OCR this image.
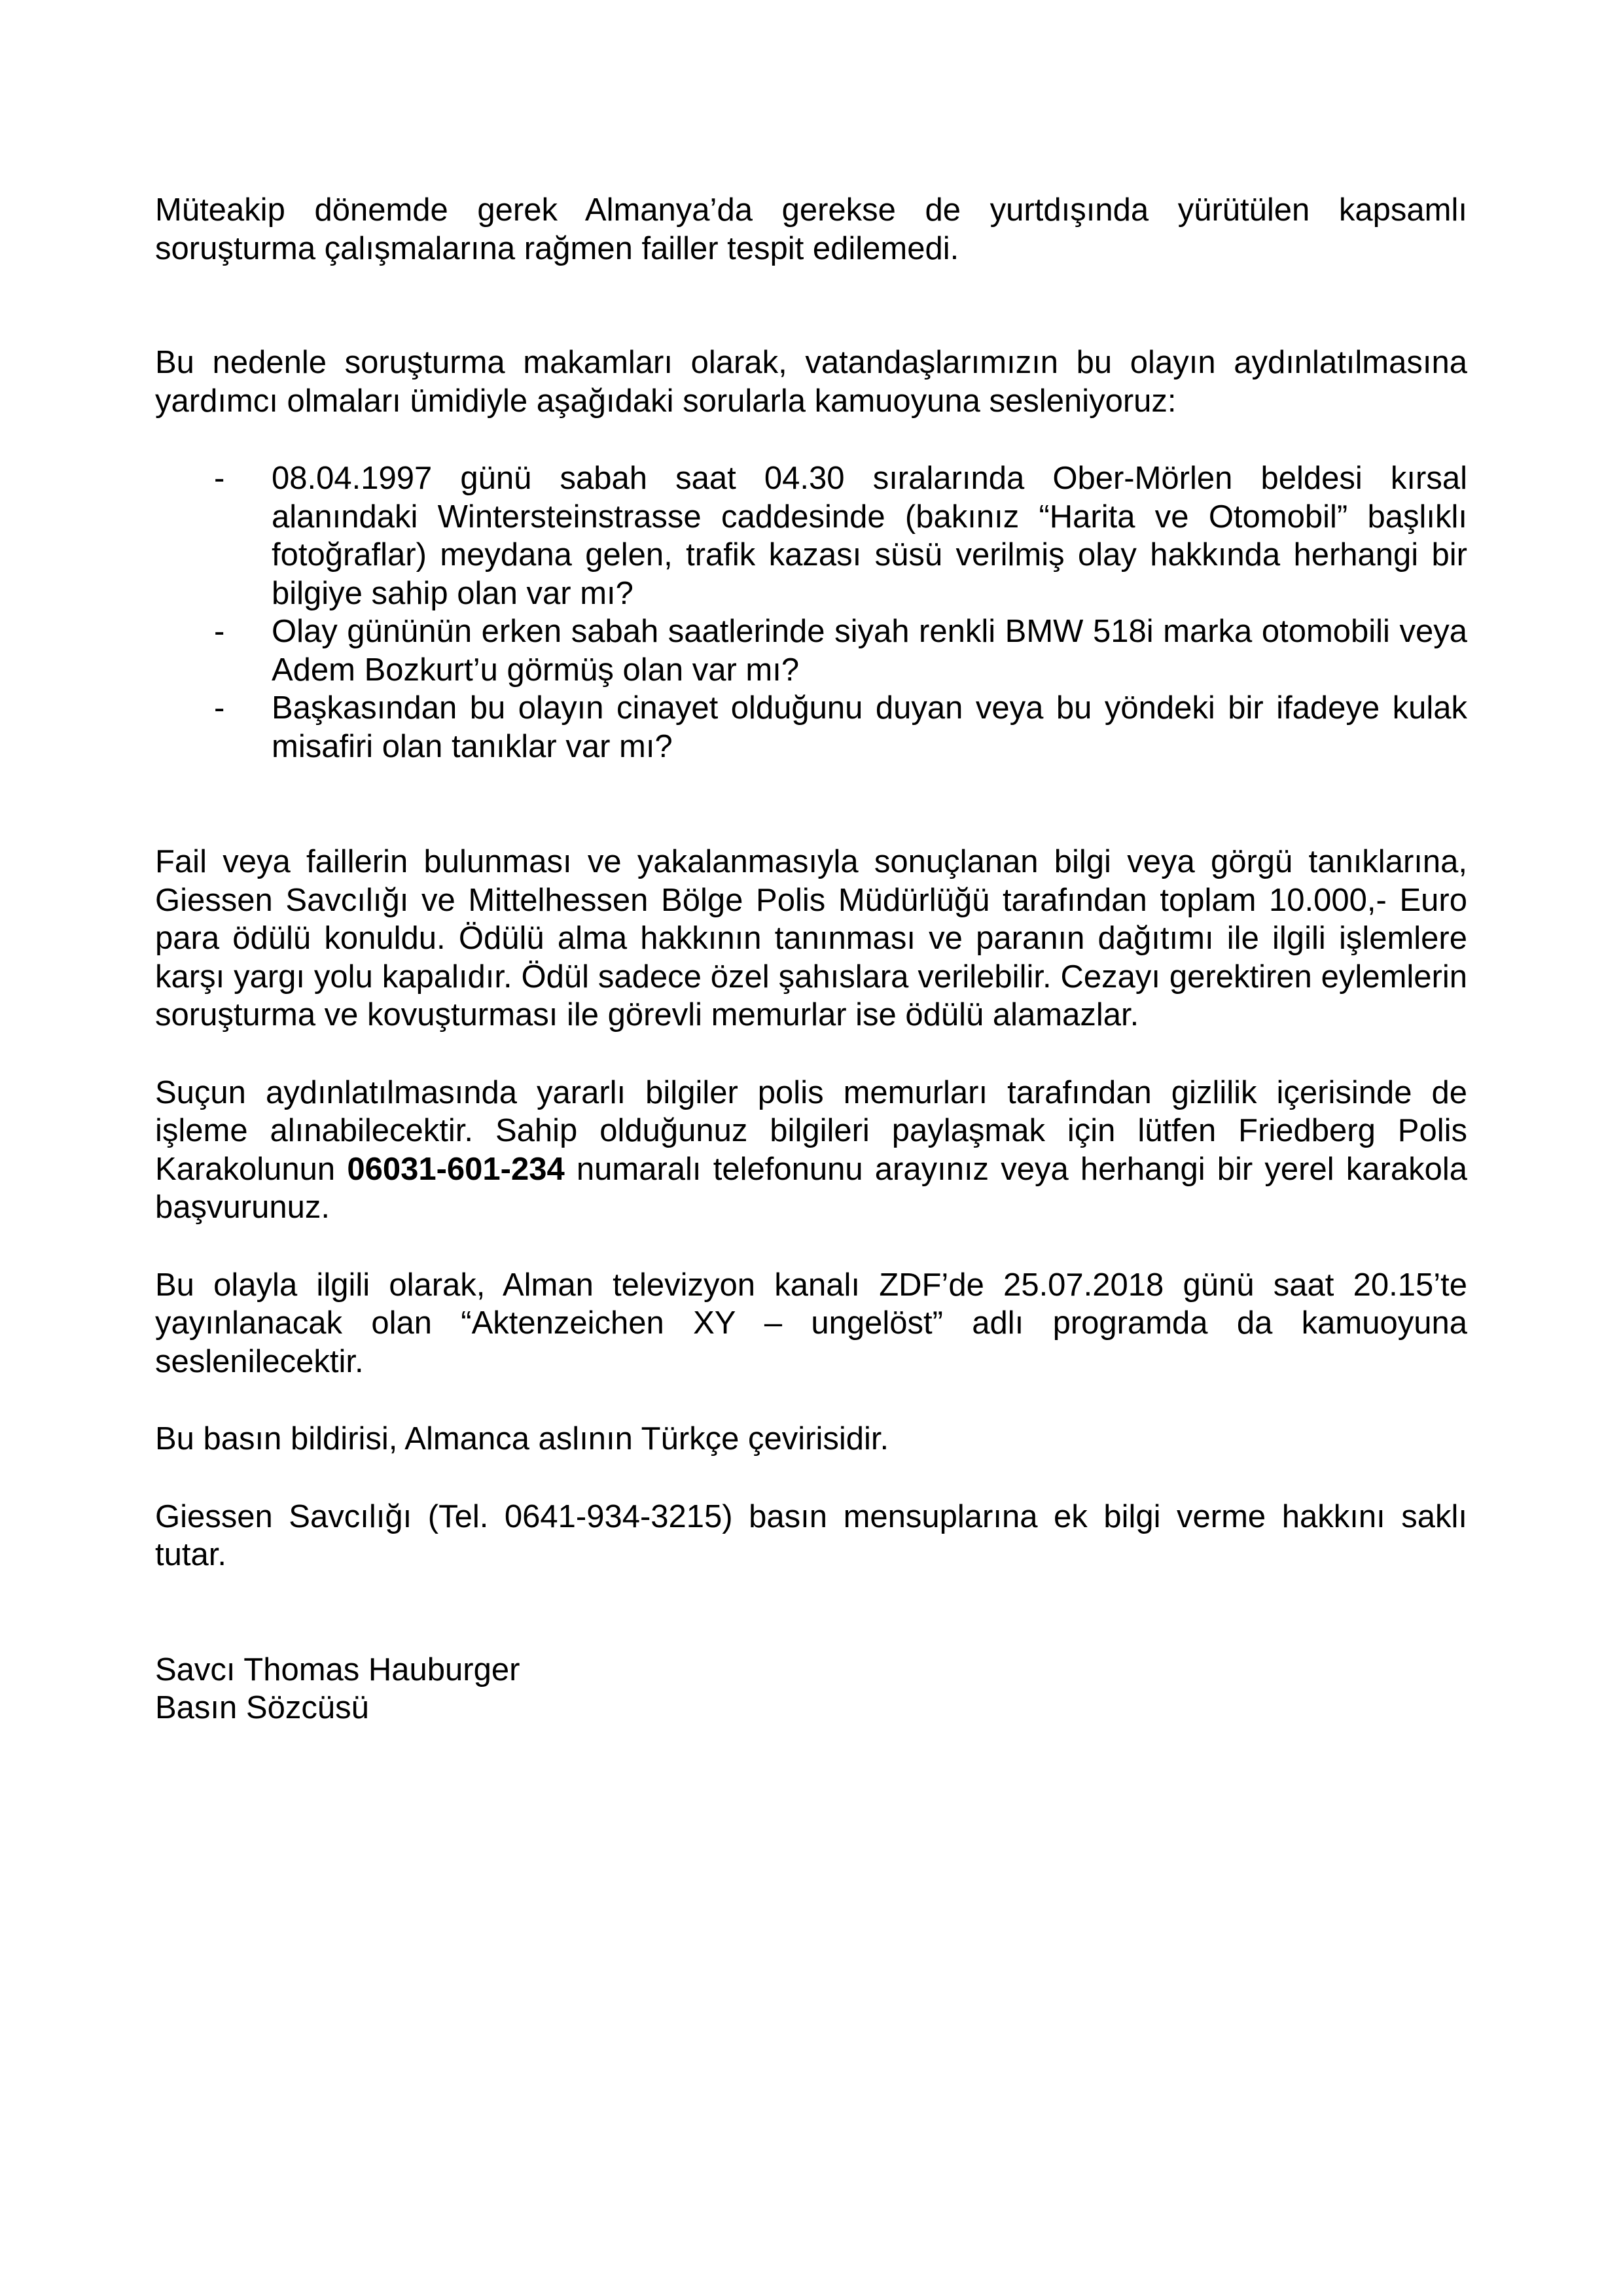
Müteakip dönemde gerek Almanya’da gerekse de yurtdışında yürütülen kapsamlı soruşturma çalışmalarına rağmen failler tespit edilemedi.

Bu nedenle soruşturma makamları olarak, vatandaşlarımızın bu olayın aydınlatılmasına yardımcı olmaları ümidiyle aşağıdaki sorularla kamuoyuna sesleniyoruz:

- 08.04.1997 günü sabah saat 04.30 sıralarında Ober-Mörlen beldesi kırsal alanındaki Wintersteinstrasse caddesinde (bakınız “Harita ve Otomobil” başlıklı fotoğraflar) meydana gelen, trafik kazası süsü verilmiş olay hakkında herhangi bir bilgiye sahip olan var mı?
- Olay gününün erken sabah saatlerinde siyah renkli BMW 518i marka otomobili veya Adem Bozkurt’u görmüş olan var mı?
- Başkasından bu olayın cinayet olduğunu duyan veya bu yöndeki bir ifadeye kulak misafiri olan tanıklar var mı?

Fail veya faillerin bulunması ve yakalanmasıyla sonuçlanan bilgi veya görgü tanıklarına, Giessen Savcılığı ve Mittelhessen Bölge Polis Müdürlüğü tarafından toplam 10.000,- Euro para ödülü konuldu. Ödülü alma hakkının tanınması ve paranın dağıtımı ile ilgili işlemlere karşı yargı yolu kapalıdır. Ödül sadece özel şahıslara verilebilir. Cezayı gerektiren eylemlerin soruşturma ve kovuşturması ile görevli memurlar ise ödülü alamazlar.

Suçun aydınlatılmasında yararlı bilgiler polis memurları tarafından gizlilik içerisinde de işleme alınabilecektir. Sahip olduğunuz bilgileri paylaşmak için lütfen Friedberg Polis Karakolunun 06031-601-234 numaralı telefonunu arayınız veya herhangi bir yerel karakola başvurunuz.

Bu olayla ilgili olarak, Alman televizyon kanalı ZDF’de 25.07.2018 günü saat 20.15’te yayınlanacak olan “Aktenzeichen XY – ungelöst” adlı programda da kamuoyuna seslenilecektir.

Bu basın bildirisi, Almanca aslının Türkçe çevirisidir.

Giessen Savcılığı (Tel. 0641-934-3215) basın mensuplarına ek bilgi verme hakkını saklı tutar.

Savcı Thomas Hauburger
Basın Sözcüsü
